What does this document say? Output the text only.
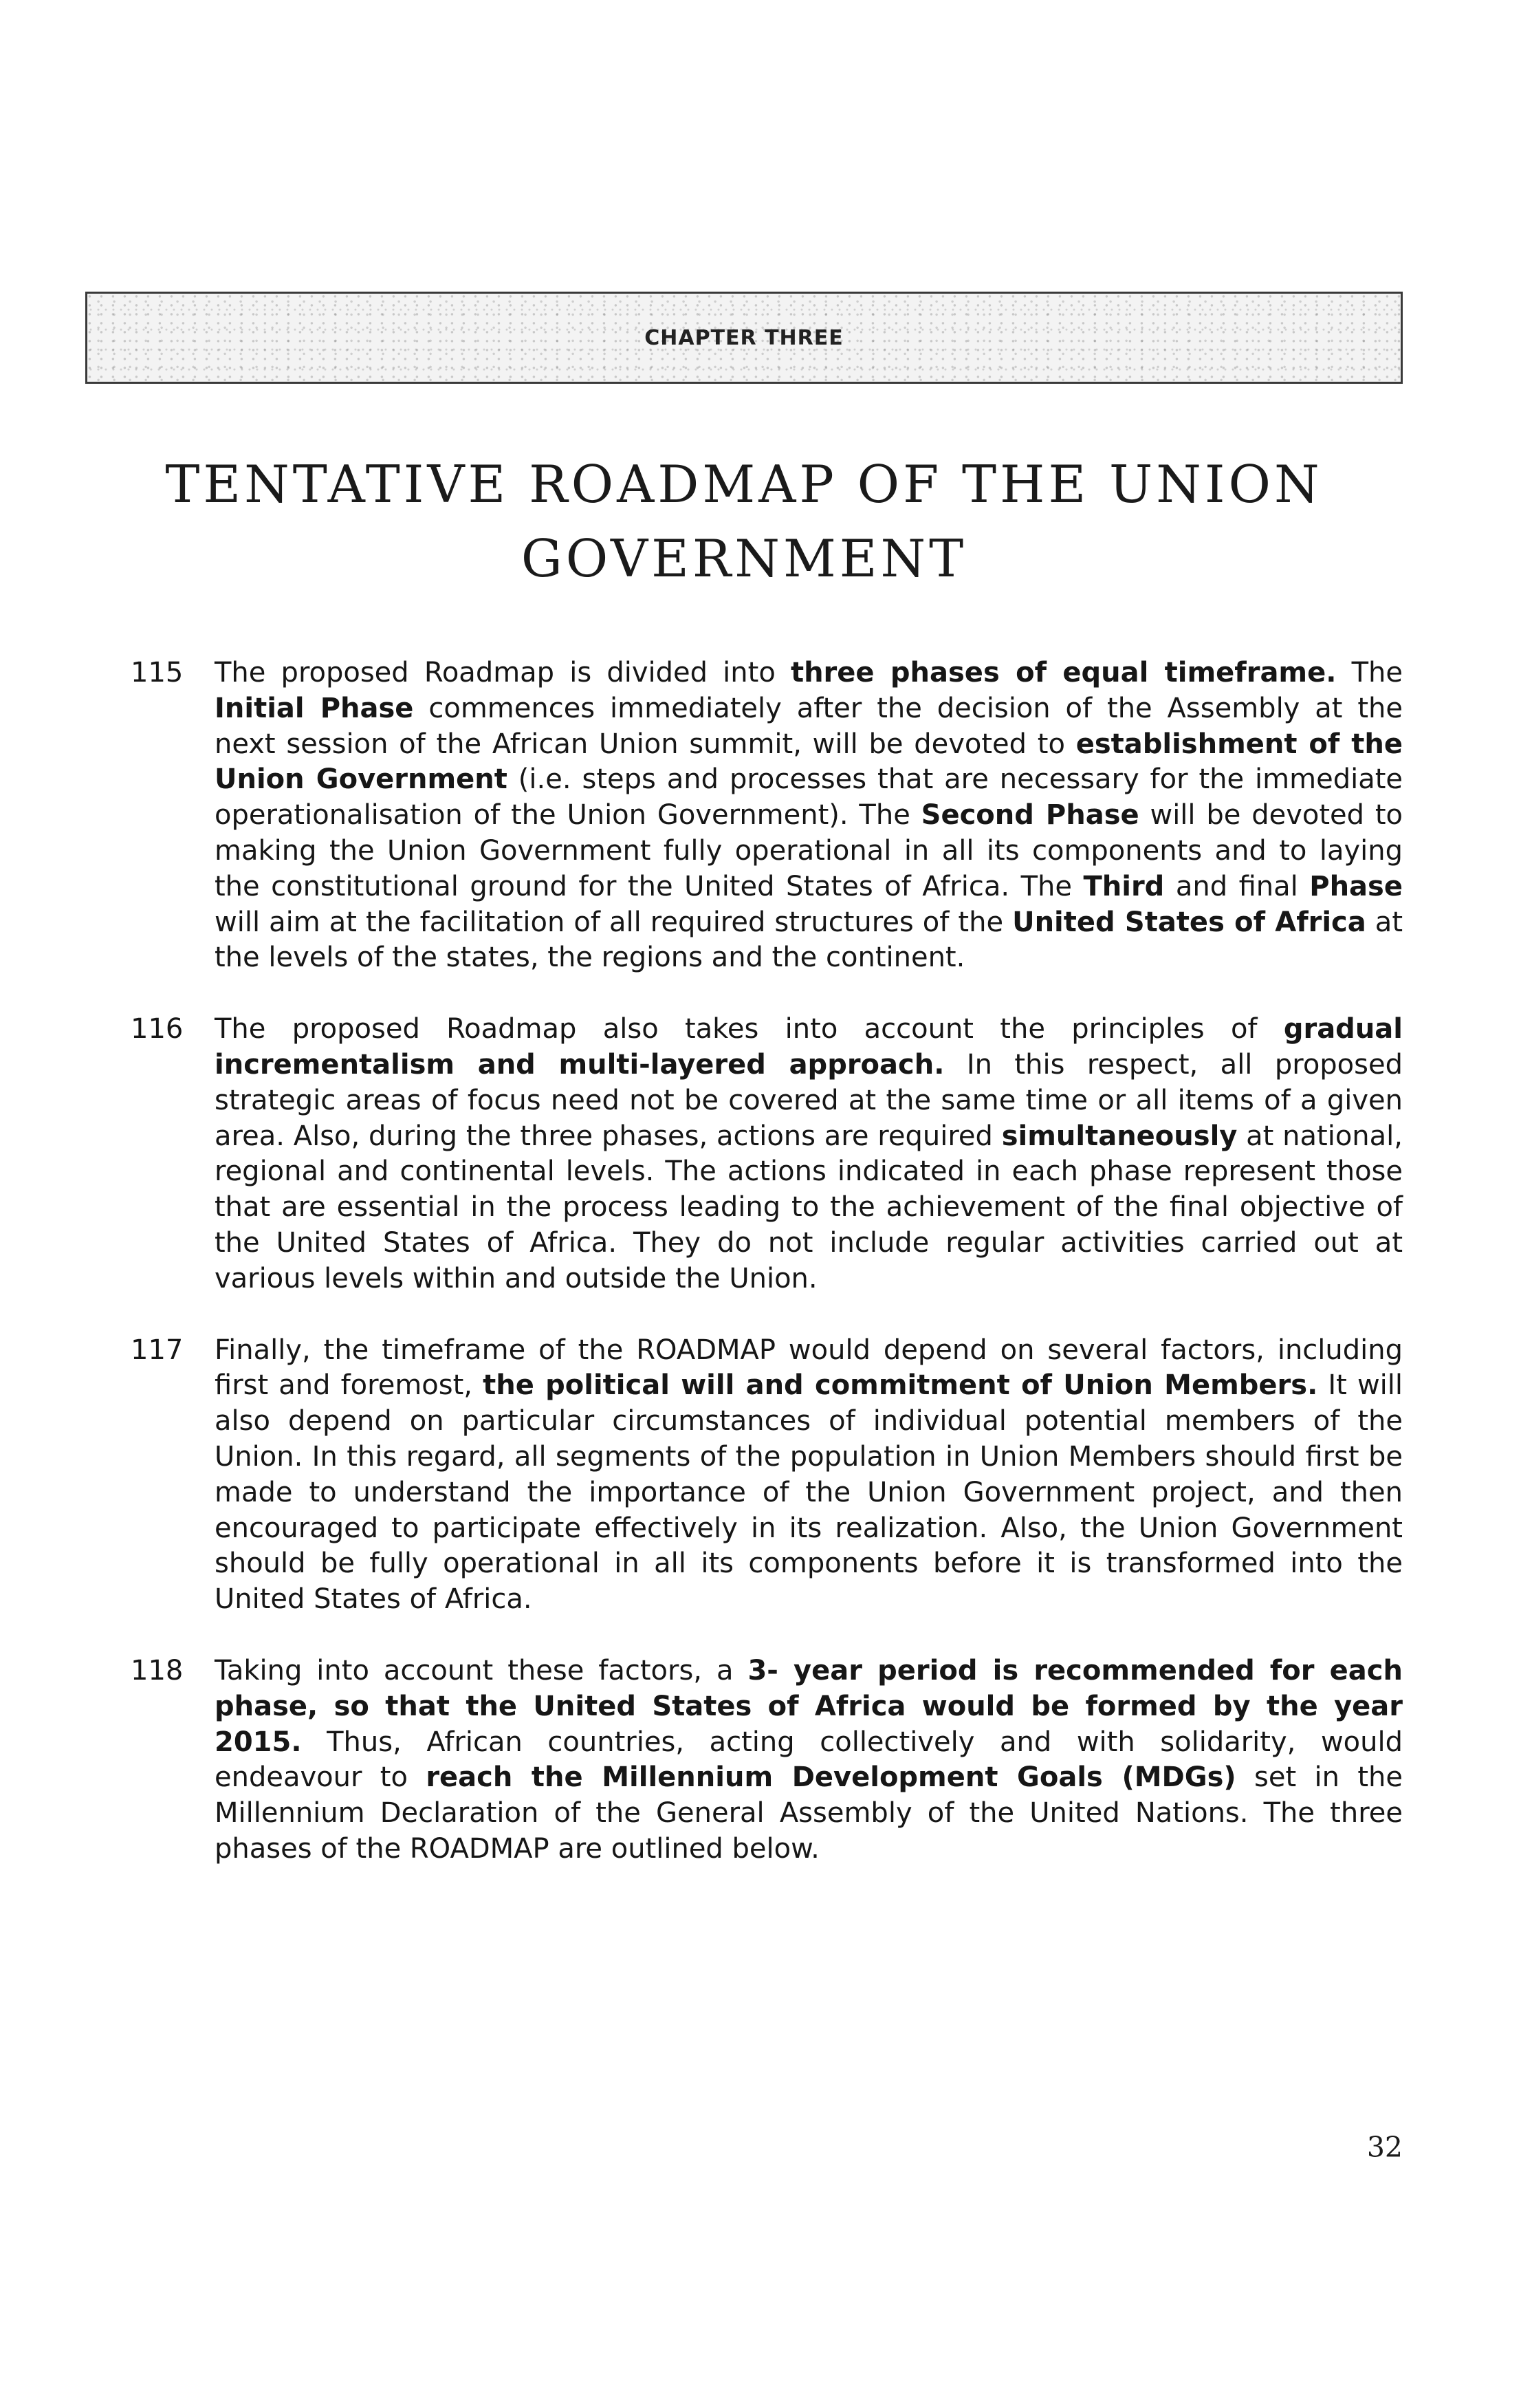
CHAPTER THREE
TENTATIVE ROADMAP OF THE UNION
GOVERNMENT
115	The proposed Roadmap is divided into three phases of equal timeframe. The Initial Phase commences immediately after the decision of the Assembly at the next session of the African Union summit, will be devoted to establishment of the Union Government (i.e. steps and processes that are necessary for the immediate operationalisation of the Union Government). The Second Phase will be devoted to making the Union Government fully operational in all its components and to laying the constitutional ground for the United States of Africa. The Third and final Phase will aim at the facilitation of all required structures of the United States of Africa at the levels of the states, the regions and the continent.
116	The proposed Roadmap also takes into account the principles of gradual incrementalism and multi-layered approach. In this respect, all proposed strategic areas of focus need not be covered at the same time or all items of a given area. Also, during the three phases, actions are required simultaneously at national, regional and continental levels. The actions indicated in each phase represent those that are essential in the process leading to the achievement of the final objective of the United States of Africa. They do not include regular activities carried out at various levels within and outside the Union.
117	Finally, the timeframe of the ROADMAP would depend on several factors, including first and foremost, the political will and commitment of Union Members. It will also depend on particular circumstances of individual potential members of the Union. In this regard, all segments of the population in Union Members should first be made to understand the importance of the Union Government project, and then encouraged to participate effectively in its realization. Also, the Union Government should be fully operational in all its components before it is transformed into the United States of Africa.
118	Taking into account these factors, a 3- year period is recommended for each phase, so that the United States of Africa would be formed by the year 2015. Thus, African countries, acting collectively and with solidarity, would endeavour to reach the Millennium Development Goals (MDGs) set in the Millennium Declaration of the General Assembly of the United Nations. The three phases of the ROADMAP are outlined below.
32
